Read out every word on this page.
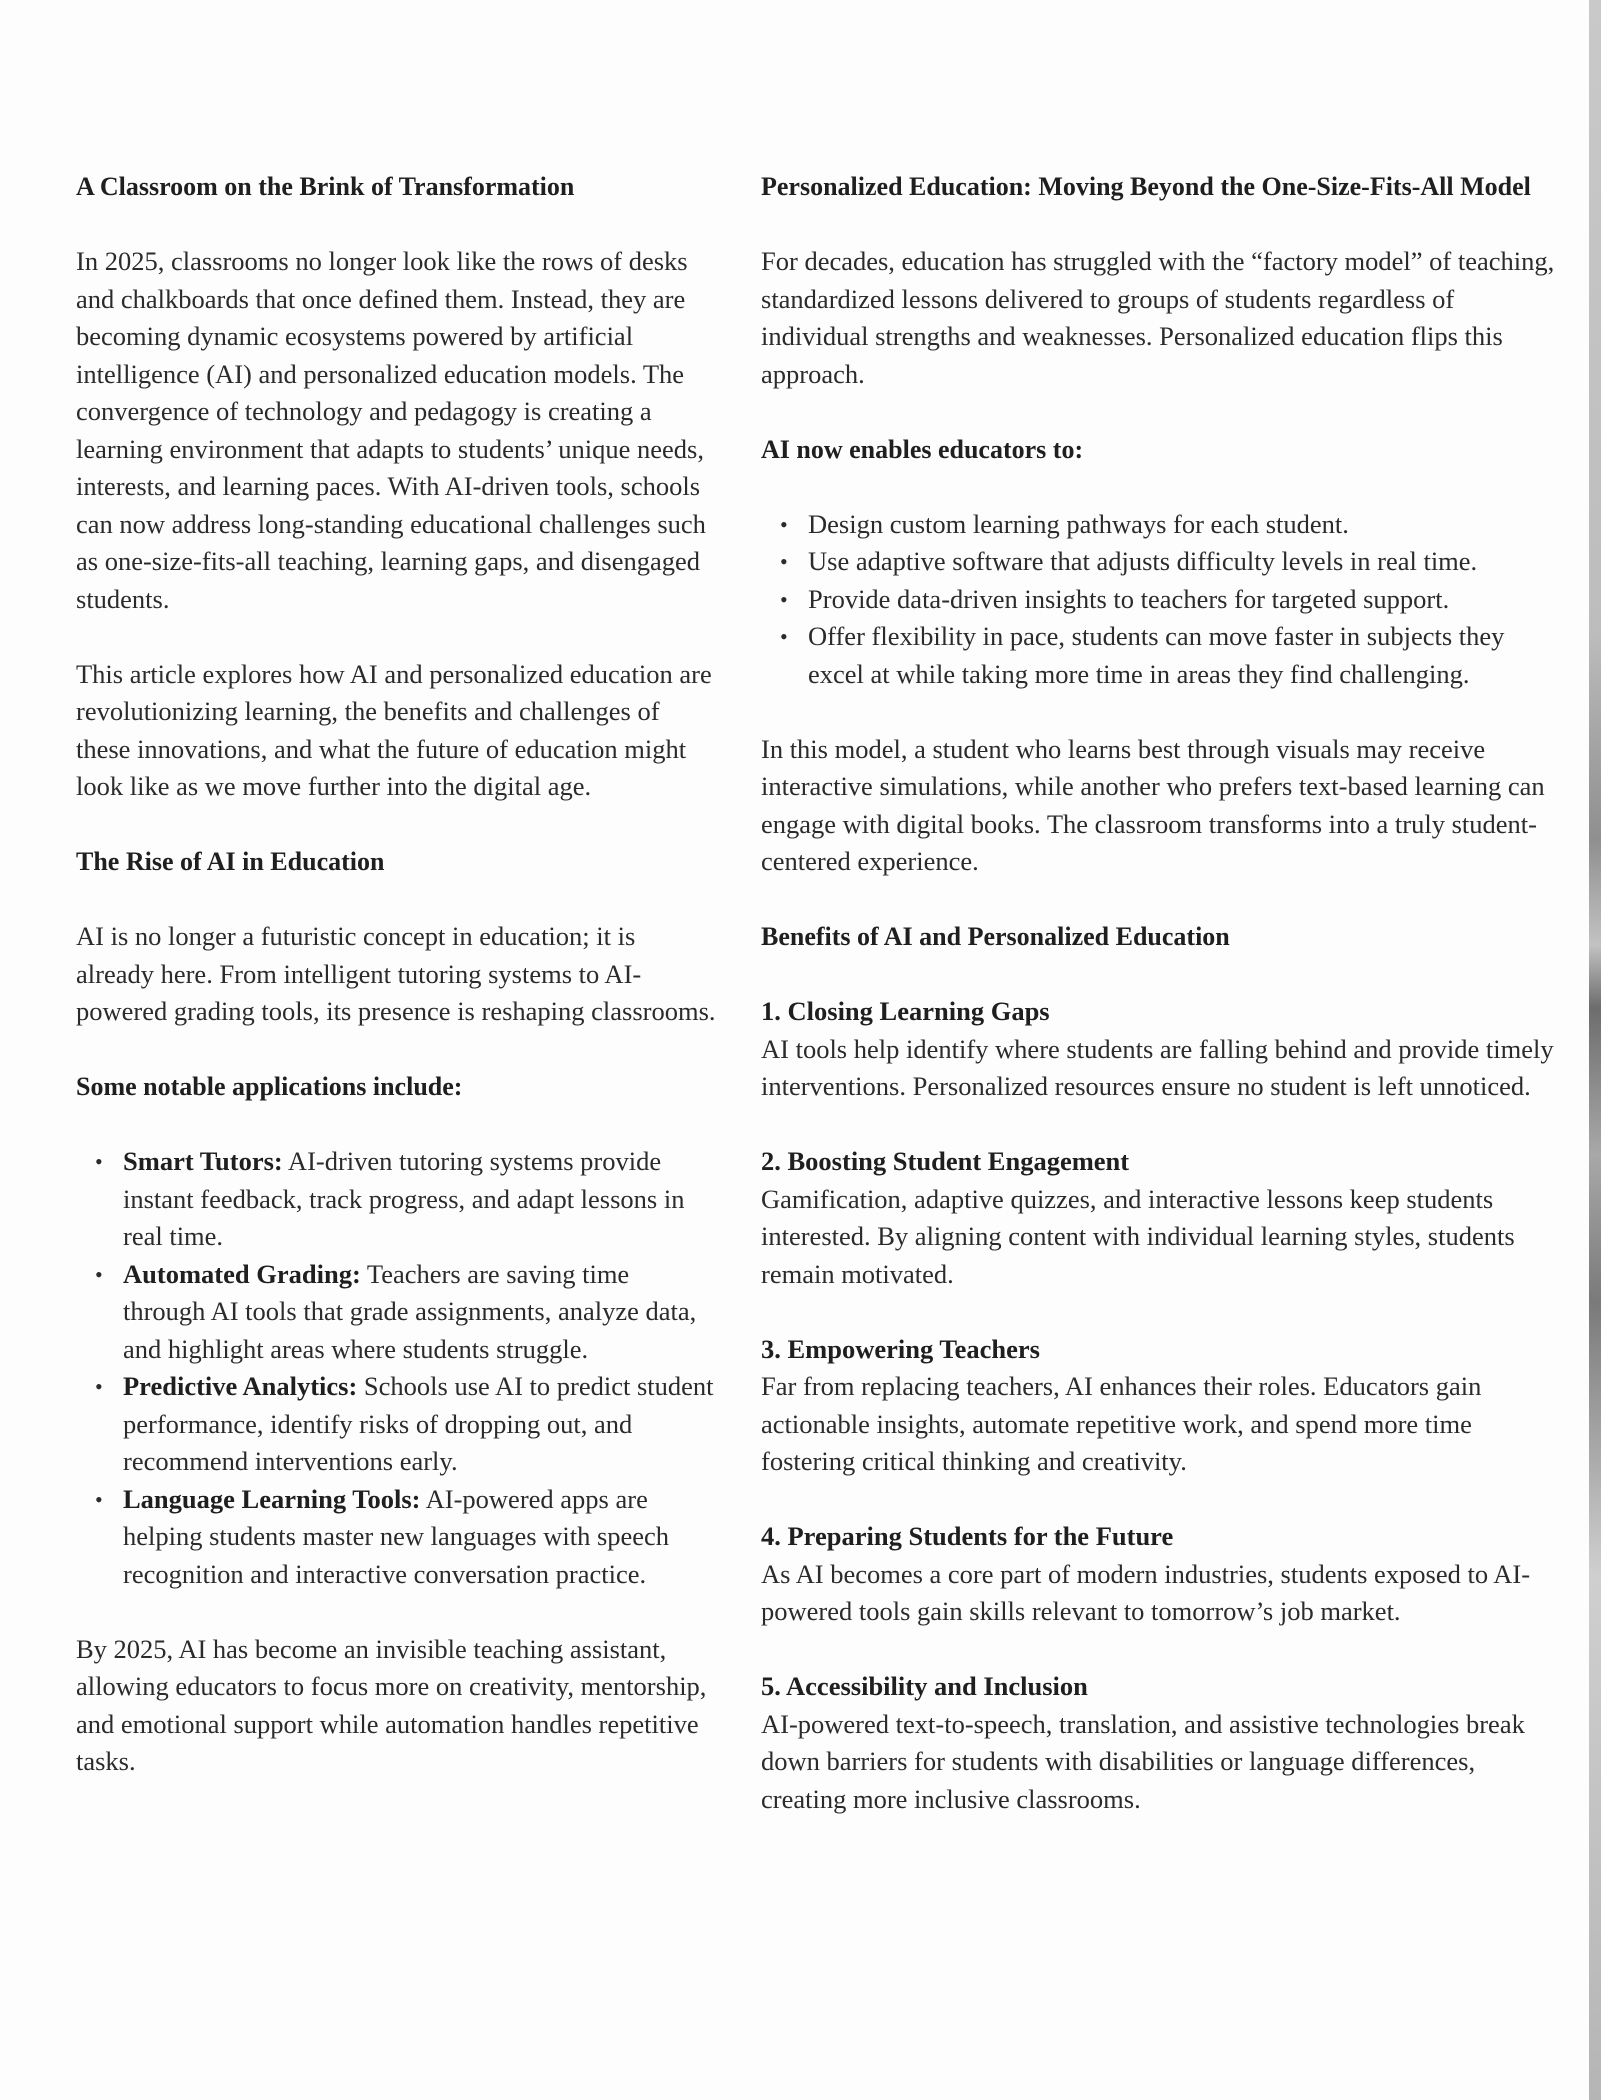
A Classroom on the Brink of Transformation

In 2025, classrooms no longer look like the rows of desks and chalkboards that once defined them. Instead, they are becoming dynamic ecosystems powered by artificial intelligence (AI) and personalized education models. The convergence of technology and pedagogy is creating a learning environment that adapts to students’ unique needs, interests, and learning paces. With AI-driven tools, schools can now address long-standing educational challenges such as one-size-fits-all teaching, learning gaps, and disengaged students.

This article explores how AI and personalized education are revolutionizing learning, the benefits and challenges of these innovations, and what the future of education might look like as we move further into the digital age.

The Rise of AI in Education

AI is no longer a futuristic concept in education; it is already here. From intelligent tutoring systems to AI-powered grading tools, its presence is reshaping classrooms.

Some notable applications include:
• Smart Tutors: AI-driven tutoring systems provide instant feedback, track progress, and adapt lessons in real time.
• Automated Grading: Teachers are saving time through AI tools that grade assignments, analyze data, and highlight areas where students struggle.
• Predictive Analytics: Schools use AI to predict student performance, identify risks of dropping out, and recommend interventions early.
• Language Learning Tools: AI-powered apps are helping students master new languages with speech recognition and interactive conversation practice.

By 2025, AI has become an invisible teaching assistant, allowing educators to focus more on creativity, mentorship, and emotional support while automation handles repetitive tasks.

Personalized Education: Moving Beyond the One-Size-Fits-All Model

For decades, education has struggled with the “factory model” of teaching, standardized lessons delivered to groups of students regardless of individual strengths and weaknesses. Personalized education flips this approach.

AI now enables educators to:
• Design custom learning pathways for each student.
• Use adaptive software that adjusts difficulty levels in real time.
• Provide data-driven insights to teachers for targeted support.
• Offer flexibility in pace, students can move faster in subjects they excel at while taking more time in areas they find challenging.

In this model, a student who learns best through visuals may receive interactive simulations, while another who prefers text-based learning can engage with digital books. The classroom transforms into a truly student-centered experience.

Benefits of AI and Personalized Education
1. Closing Learning Gaps
AI tools help identify where students are falling behind and provide timely interventions. Personalized resources ensure no student is left unnoticed.
2. Boosting Student Engagement
Gamification, adaptive quizzes, and interactive lessons keep students interested. By aligning content with individual learning styles, students remain motivated.
3. Empowering Teachers
Far from replacing teachers, AI enhances their roles. Educators gain actionable insights, automate repetitive work, and spend more time fostering critical thinking and creativity.
4. Preparing Students for the Future
As AI becomes a core part of modern industries, students exposed to AI-powered tools gain skills relevant to tomorrow’s job market.
5. Accessibility and Inclusion
AI-powered text-to-speech, translation, and assistive technologies break down barriers for students with disabilities or language differences, creating more inclusive classrooms.
